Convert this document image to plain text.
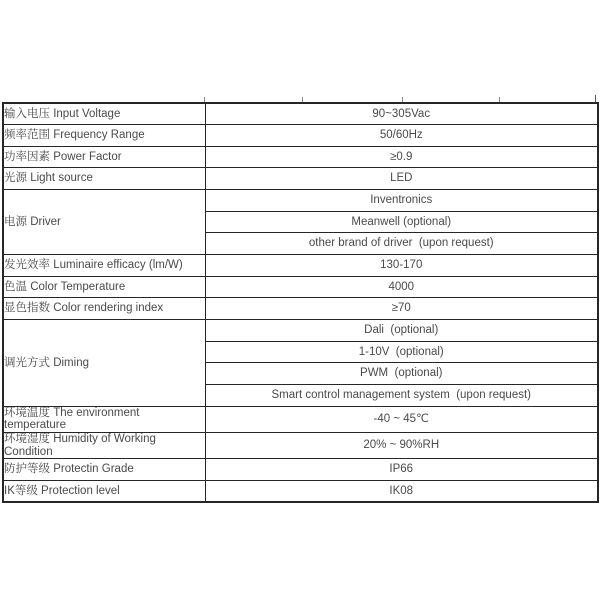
输入电压 Input Voltage	90~305Vac
频率范围 Frequency Range	50/60Hz
功率因素 Power Factor	≥0.9
光源 Light source	LED
电源 Driver	Inventronics
	Meanwell (optional)
	other brand of driver  (upon request)
发光效率 Luminaire efficacy (lm/W)	130-170
色温 Color Temperature	4000
显色指数 Color rendering index	≥70
调光方式 Diming	Dali  (optional)
	1-10V  (optional)
	PWM  (optional)
	Smart control management system  (upon request)
环境温度 The environment temperature	-40 ~ 45℃
环境湿度 Humidity of Working Condition	20% ~ 90%RH
防护等级 Protectin Grade	IP66
IK等级 Protection level	IK08
